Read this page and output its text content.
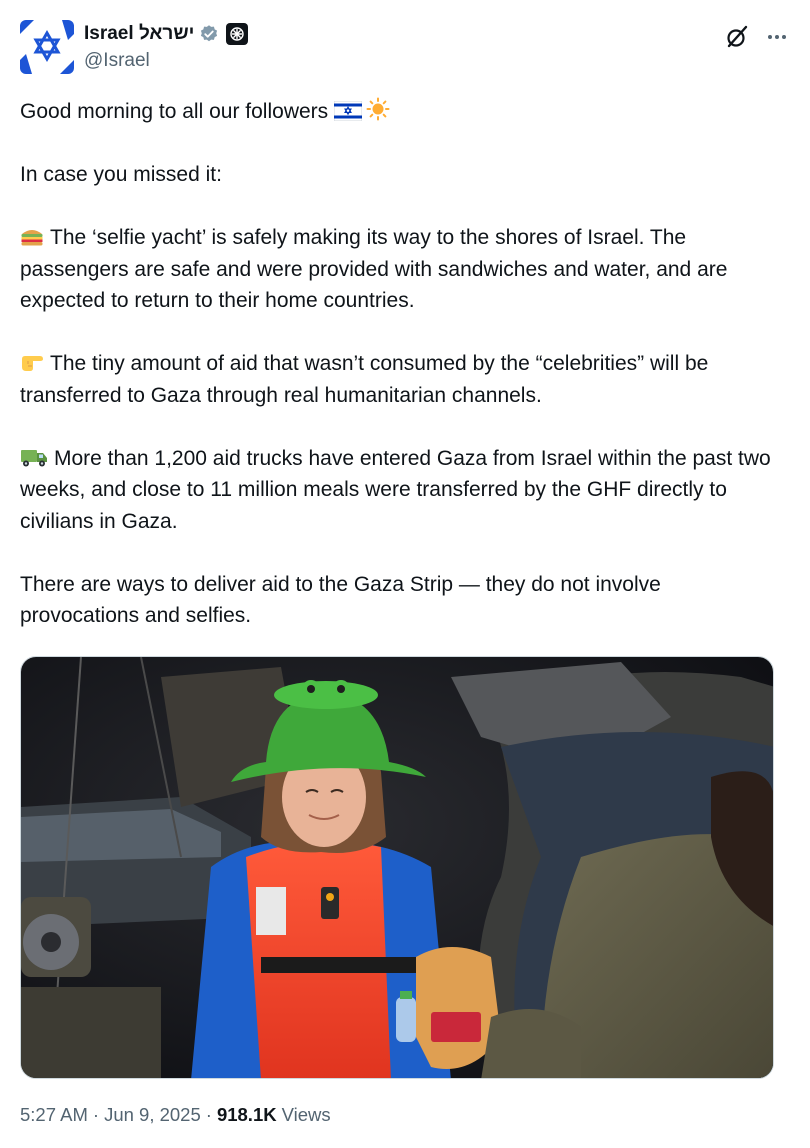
Israel ישראל
@Israel
Good morning to all our followers
In case you missed it:
The ‘selfie yacht’ is safely making its way to the shores of Israel. The passengers are safe and were provided with sandwiches and water, and are expected to return to their home countries.
The tiny amount of aid that wasn’t consumed by the “celebrities” will be transferred to Gaza through real humanitarian channels.
More than 1,200 aid trucks have entered Gaza from Israel within the past two weeks, and close to 11 million meals were transferred by the GHF directly to civilians in Gaza.
There are ways to deliver aid to the Gaza Strip — they do not involve provocations and selfies.
5:27 AM · Jun 9, 2025 · 918.1K Views
